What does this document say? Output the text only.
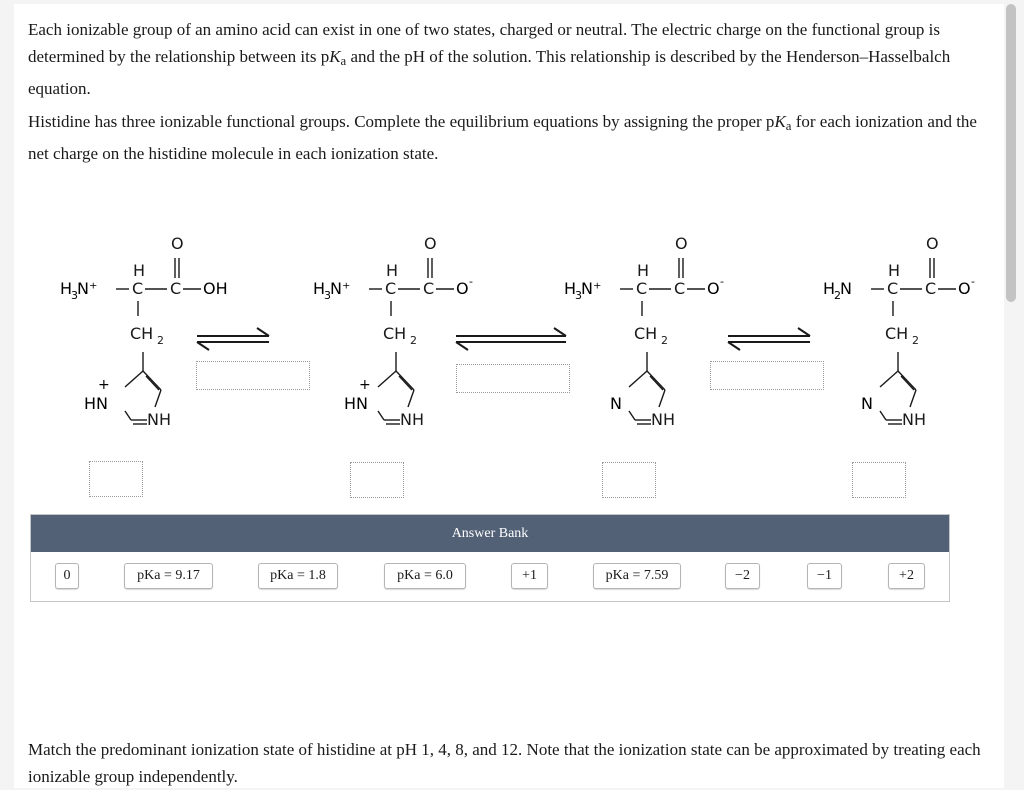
Each ionizable group of an amino acid can exist in one of two states, charged or neutral. The electric charge on the functional group is determined by the relationship between its $pK_a$ and the pH of the solution. This relationship is described by the Henderson–Hasselbalch equation.

Histidine has three ionizable functional groups. Complete the equilibrium equations by assigning the proper $pK_a$ for each ionization and the net charge on the histidine molecule in each ionization state.

C	C
H
O
CH 2
NH
H
3 N⁺	OH
+
HN
H
3 N⁺	O -
+
HN
H
3 N⁺	O -
N
H
2 N	O -
N
Answer Bank
0	pKa = 9.17	pKa = 1.8	pKa = 6.0	+1	pKa = 7.59	−2	−1	+2

Match the predominant ionization state of histidine at pH 1, 4, 8, and 12. Note that the ionization state can be approximated by treating each ionizable group independently.
